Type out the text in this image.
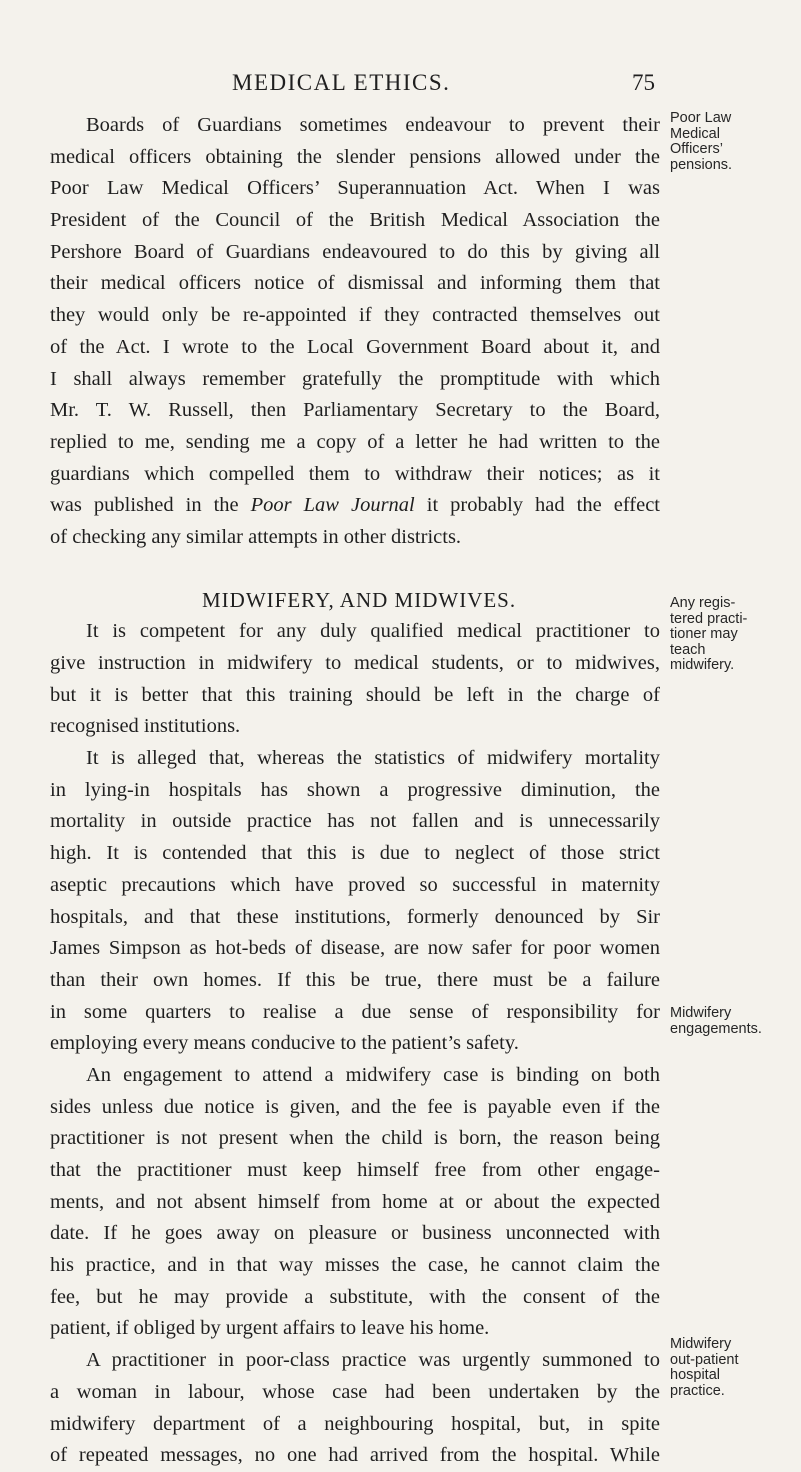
MEDICAL ETHICS.	75
Boards of Guardians sometimes endeavour to prevent their
medical officers obtaining the slender pensions allowed under the
Poor Law Medical Officers’ Superannuation Act. When I was
President of the Council of the British Medical Association the
Pershore Board of Guardians endeavoured to do this by giving all
their medical officers notice of dismissal and informing them that
they would only be re-appointed if they contracted themselves out
of the Act. I wrote to the Local Government Board about it, and
I shall always remember gratefully the promptitude with which
Mr. T. W. Russell, then Parliamentary Secretary to the Board,
replied to me, sending me a copy of a letter he had written to the
guardians which compelled them to withdraw their notices; as it
was published in the Poor Law Journal it probably had the effect
of checking any similar attempts in other districts.
MIDWIFERY, AND MIDWIVES.
It is competent for any duly qualified medical practitioner to
give instruction in midwifery to medical students, or to midwives,
but it is better that this training should be left in the charge of
recognised institutions.
It is alleged that, whereas the statistics of midwifery mortality
in lying-in hospitals has shown a progressive diminution, the
mortality in outside practice has not fallen and is unnecessarily
high. It is contended that this is due to neglect of those strict
aseptic precautions which have proved so successful in maternity
hospitals, and that these institutions, formerly denounced by Sir
James Simpson as hot-beds of disease, are now safer for poor women
than their own homes. If this be true, there must be a failure
in some quarters to realise a due sense of responsibility for
employing every means conducive to the patient’s safety.
An engagement to attend a midwifery case is binding on both
sides unless due notice is given, and the fee is payable even if the
practitioner is not present when the child is born, the reason being
that the practitioner must keep himself free from other engage-
ments, and not absent himself from home at or about the expected
date. If he goes away on pleasure or business unconnected with
his practice, and in that way misses the case, he cannot claim the
fee, but he may provide a substitute, with the consent of the
patient, if obliged by urgent affairs to leave his home.
A practitioner in poor-class practice was urgently summoned to
a woman in labour, whose case had been undertaken by the
midwifery department of a neighbouring hospital, but, in spite
of repeated messages, no one had arrived from the hospital. While
Poor Law
Medical
Officers’
pensions.
Any regis-
tered practi-
tioner may
teach
midwifery.
Midwifery
engagements.
Midwifery
out-patient
hospital
practice.
